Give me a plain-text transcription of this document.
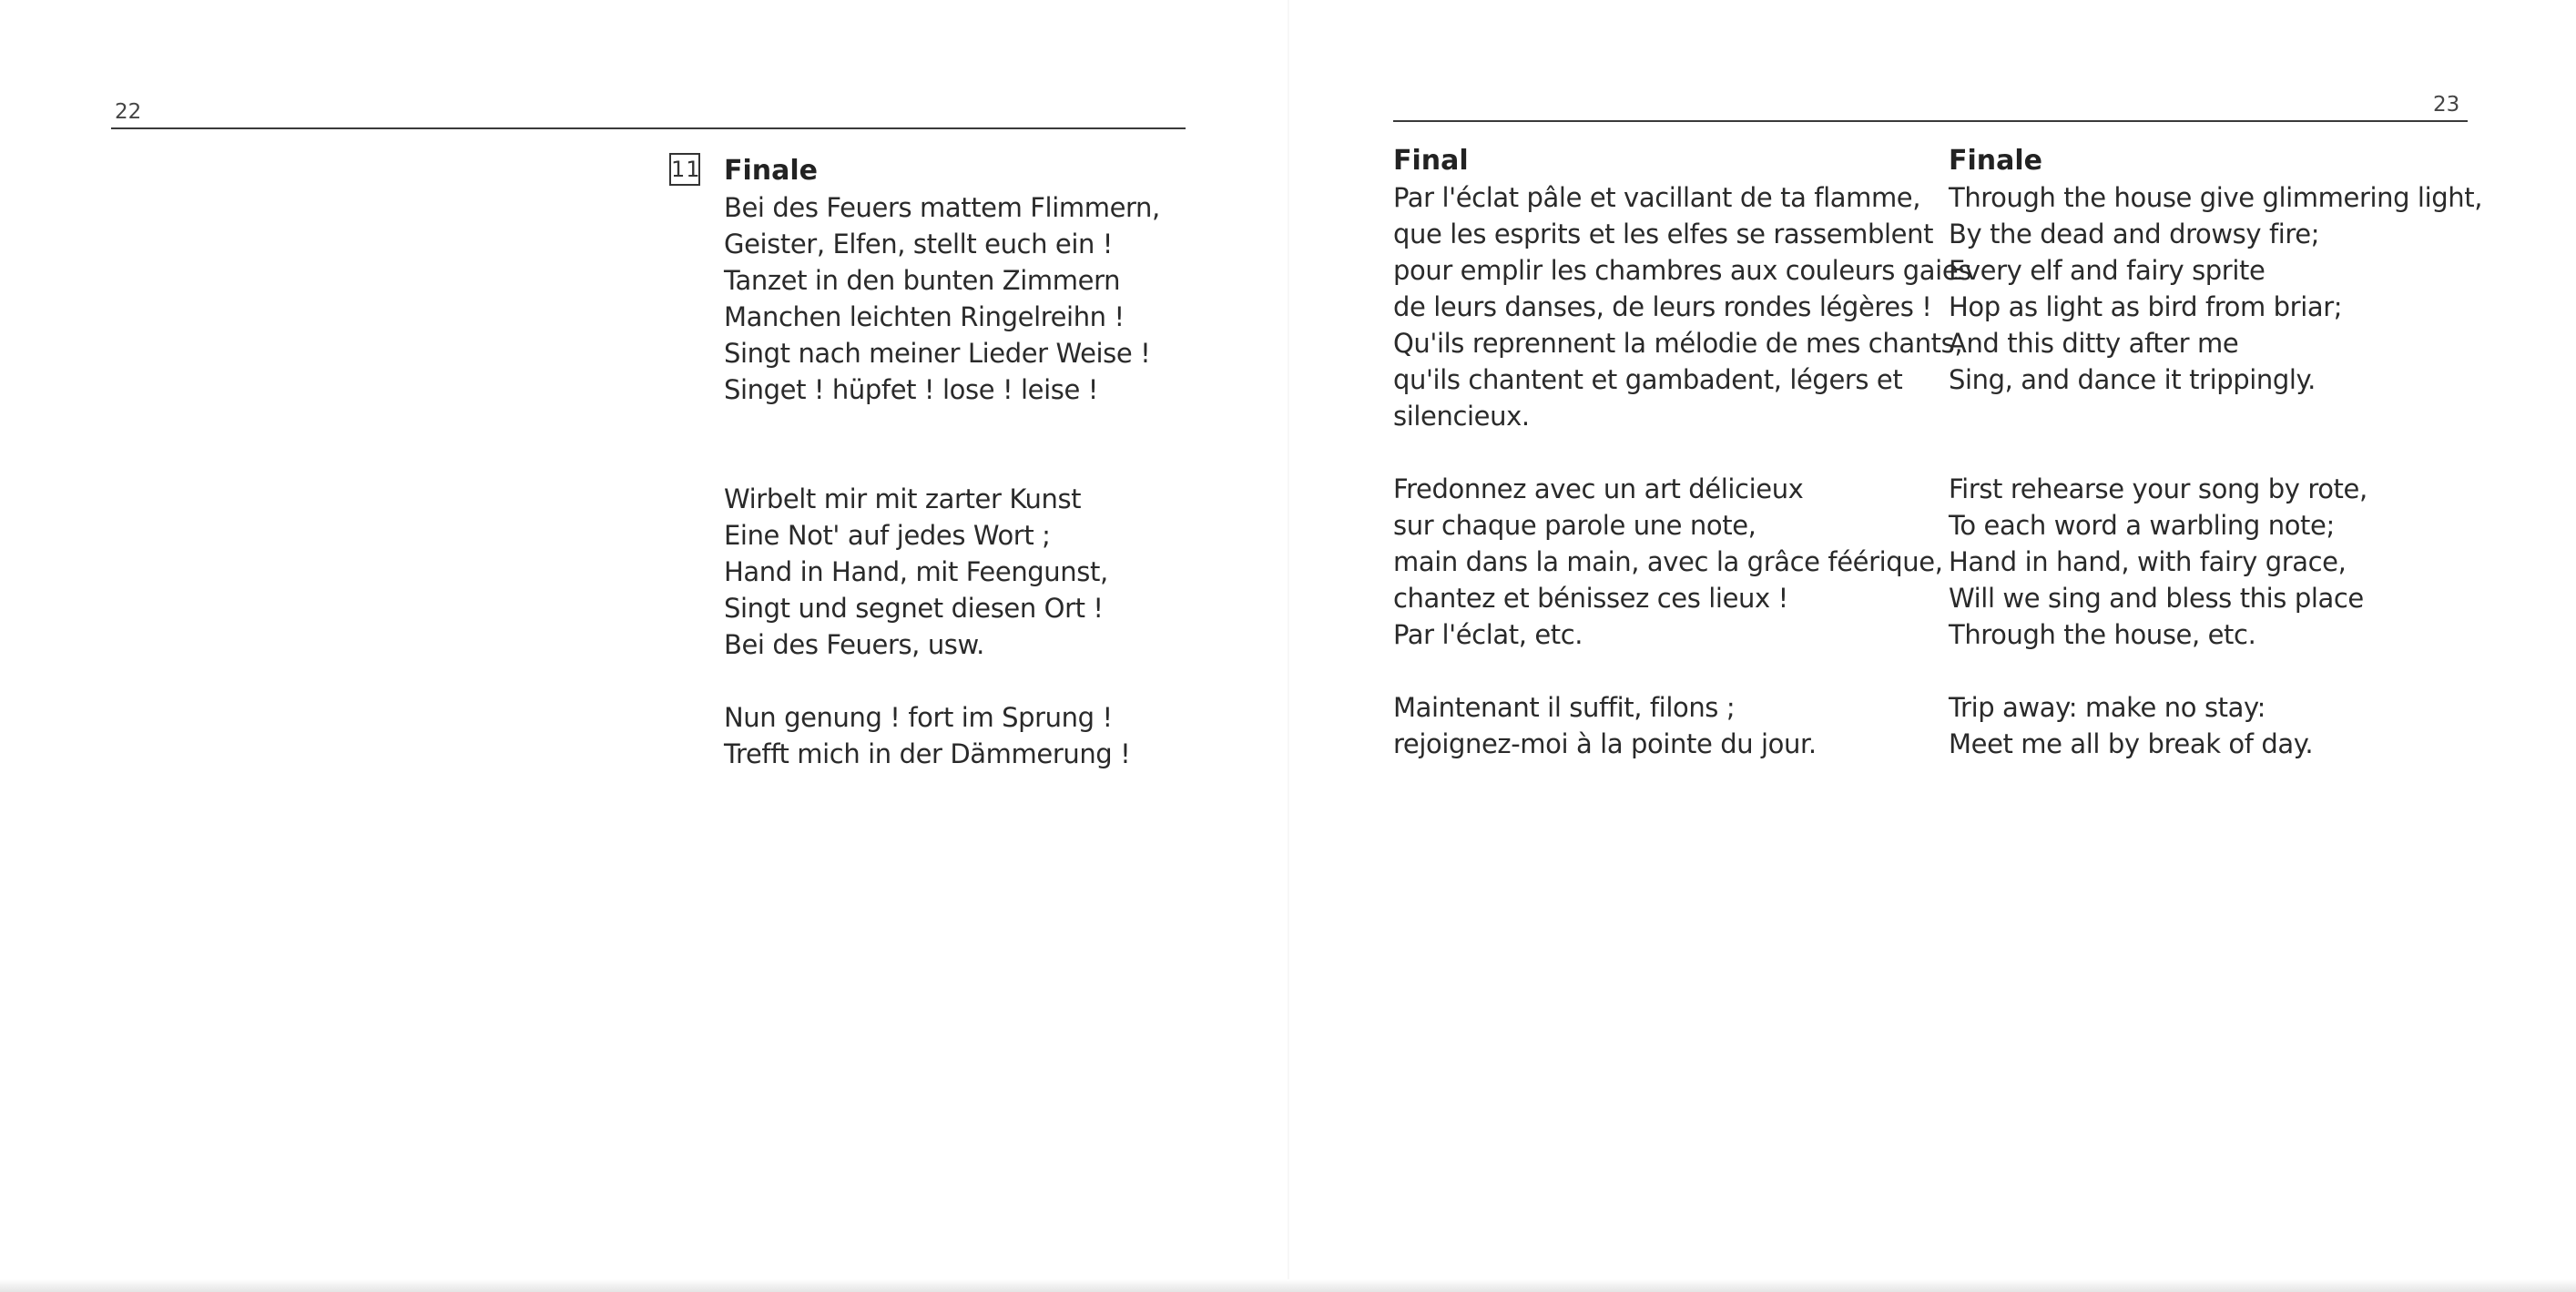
22

11 Finale

Bei des Feuers mattem Flimmern,
Geister, Elfen, stellt euch ein !
Tanzet in den bunten Zimmern
Manchen leichten Ringelreihn !
Singt nach meiner Lieder Weise !
Singet ! hüpfet ! lose ! leise !
Wirbelt mir mit zarter Kunst
Eine Not' auf jedes Wort ;
Hand in Hand, mit Feengunst,
Singt und segnet diesen Ort !
Bei des Feuers, usw.
Nun genung ! fort im Sprung !
Trefft mich in der Dämmerung !

23

Final

Par l'éclat pâle et vacillant de ta flamme,
que les esprits et les elfes se rassemblent
pour emplir les chambres aux couleurs gaies
de leurs danses, de leurs rondes légères !
Qu'ils reprennent la mélodie de mes chants,
qu'ils chantent et gambadent, légers et
silencieux.
Fredonnez avec un art délicieux
sur chaque parole une note,
main dans la main, avec la grâce féérique,
chantez et bénissez ces lieux !
Par l'éclat, etc.
Maintenant il suffit, filons ;
rejoignez-moi à la pointe du jour.

Finale

Through the house give glimmering light,
By the dead and drowsy fire;
Every elf and fairy sprite
Hop as light as bird from briar;
And this ditty after me
Sing, and dance it trippingly.
First rehearse your song by rote,
To each word a warbling note;
Hand in hand, with fairy grace,
Will we sing and bless this place
Through the house, etc.
Trip away: make no stay:
Meet me all by break of day.
